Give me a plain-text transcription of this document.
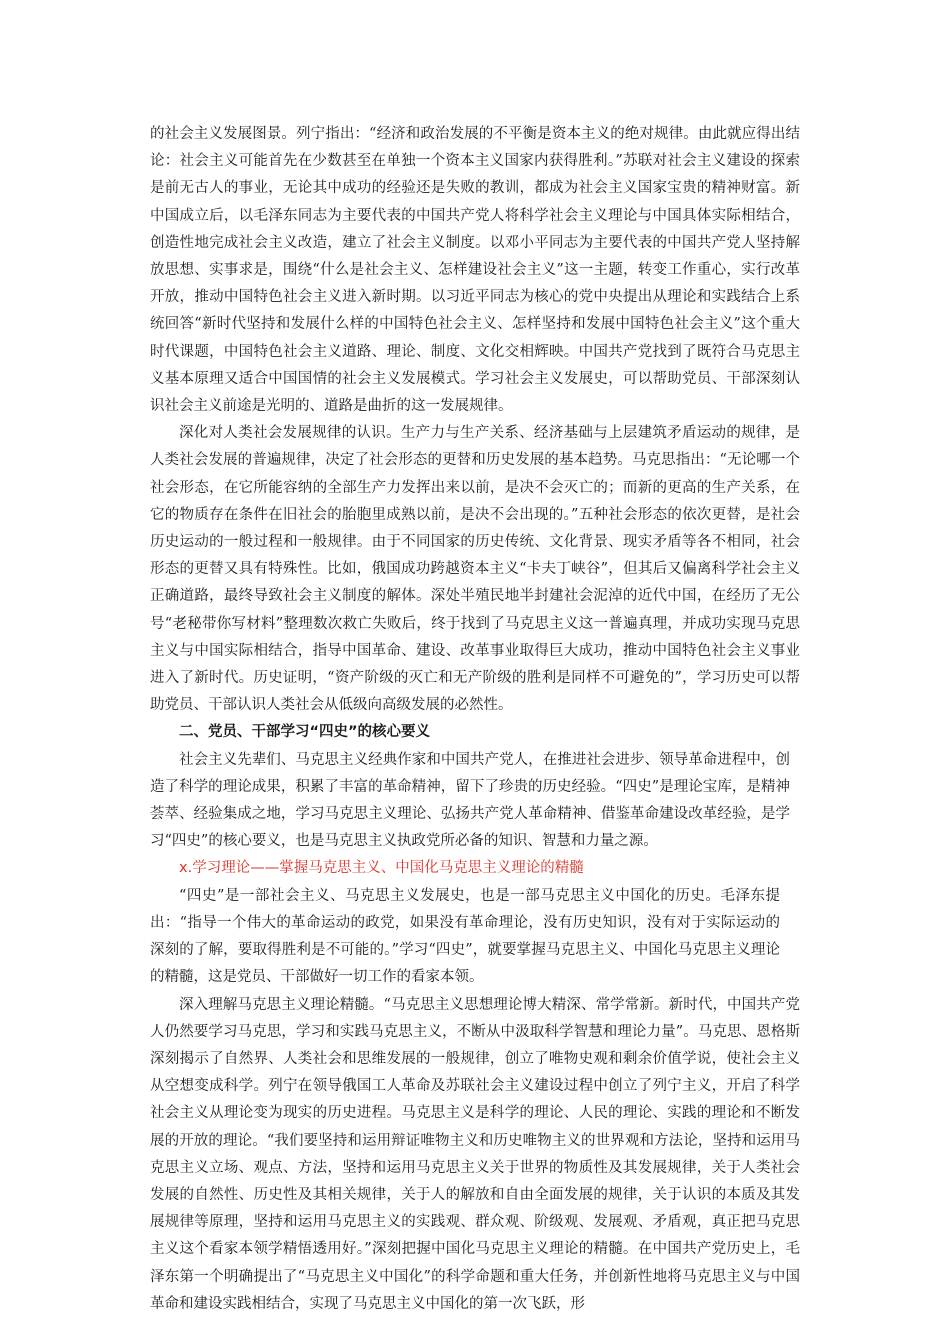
的社会主义发展图景。列宁指出：“经济和政治发展的不平衡是资本主义的绝对规律。由此就应得出结论：社会主义可能首先在少数甚至在单独一个资本主义国家内获得胜利。”苏联对社会主义建设的探索是前无古人的事业，无论其中成功的经验还是失败的教训，都成为社会主义国家宝贵的精神财富。新中国成立后，以毛泽东同志为主要代表的中国共产党人将科学社会主义理论与中国具体实际相结合，创造性地完成社会主义改造，建立了社会主义制度。以邓小平同志为主要代表的中国共产党人坚持解放思想、实事求是，围绕“什么是社会主义、怎样建设社会主义”这一主题，转变工作重心，实行改革开放，推动中国特色社会主义进入新时期。以习近平同志为核心的党中央提出从理论和实践结合上系统回答“新时代坚持和发展什么样的中国特色社会主义、怎样坚持和发展中国特色社会主义”这个重大时代课题，中国特色社会主义道路、理论、制度、文化交相辉映。中国共产党找到了既符合马克思主义基本原理又适合中国国情的社会主义发展模式。学习社会主义发展史，可以帮助党员、干部深刻认识社会主义前途是光明的、道路是曲折的这一发展规律。

深化对人类社会发展规律的认识。生产力与生产关系、经济基础与上层建筑矛盾运动的规律，是人类社会发展的普遍规律，决定了社会形态的更替和历史发展的基本趋势。马克思指出：“无论哪一个社会形态，在它所能容纳的全部生产力发挥出来以前，是决不会灭亡的；而新的更高的生产关系，在它的物质存在条件在旧社会的胎胞里成熟以前，是决不会出现的。”五种社会形态的依次更替，是社会历史运动的一般过程和一般规律。由于不同国家的历史传统、文化背景、现实矛盾等各不相同，社会形态的更替又具有特殊性。比如，俄国成功跨越资本主义“卡夫丁峡谷”，但其后又偏离科学社会主义正确道路，最终导致社会主义制度的解体。深处半殖民地半封建社会泥淖的近代中国，在经历了无公号“老秘带你写材料”整理数次救亡失败后，终于找到了马克思主义这一普遍真理，并成功实现马克思主义与中国实际相结合，指导中国革命、建设、改革事业取得巨大成功，推动中国特色社会主义事业进入了新时代。历史证明，“资产阶级的灭亡和无产阶级的胜利是同样不可避免的”，学习历史可以帮助党员、干部认识人类社会从低级向高级发展的必然性。

二、党员、干部学习“四史”的核心要义

社会主义先辈们、马克思主义经典作家和中国共产党人，在推进社会进步、领导革命进程中，创造了科学的理论成果，积累了丰富的革命精神，留下了珍贵的历史经验。“四史”是理论宝库，是精神荟萃、经验集成之地，学习马克思主义理论、弘扬共产党人革命精神、借鉴革命建设改革经验，是学习“四史”的核心要义，也是马克思主义执政党所必备的知识、智慧和力量之源。

x.学习理论——掌握马克思主义、中国化马克思主义理论的精髓

“四史”是一部社会主义、马克思主义发展史，也是一部马克思主义中国化的历史。毛泽东提出：“指导一个伟大的革命运动的政党，如果没有革命理论，没有历史知识，没有对于实际运动的深刻的了解，要取得胜利是不可能的。”学习“四史”，就要掌握马克思主义、中国化马克思主义理论的精髓，这是党员、干部做好一切工作的看家本领。

深入理解马克思主义理论精髓。“马克思主义思想理论博大精深、常学常新。新时代，中国共产党人仍然要学习马克思，学习和实践马克思主义，不断从中汲取科学智慧和理论力量”。马克思、恩格斯深刻揭示了自然界、人类社会和思维发展的一般规律，创立了唯物史观和剩余价值学说，使社会主义从空想变成科学。列宁在领导俄国工人革命及苏联社会主义建设过程中创立了列宁主义，开启了科学社会主义从理论变为现实的历史进程。马克思主义是科学的理论、人民的理论、实践的理论和不断发展的开放的理论。“我们要坚持和运用辩证唯物主义和历史唯物主义的世界观和方法论，坚持和运用马克思主义立场、观点、方法，坚持和运用马克思主义关于世界的物质性及其发展规律，关于人类社会发展的自然性、历史性及其相关规律，关于人的解放和自由全面发展的规律，关于认识的本质及其发展规律等原理，坚持和运用马克思主义的实践观、群众观、阶级观、发展观、矛盾观，真正把马克思主义这个看家本领学精悟透用好。”深刻把握中国化马克思主义理论的精髓。在中国共产党历史上，毛泽东第一个明确提出了“马克思主义中国化”的科学命题和重大任务，并创新性地将马克思主义与中国革命和建设实践相结合，实现了马克思主义中国化的第一次飞跃，形
